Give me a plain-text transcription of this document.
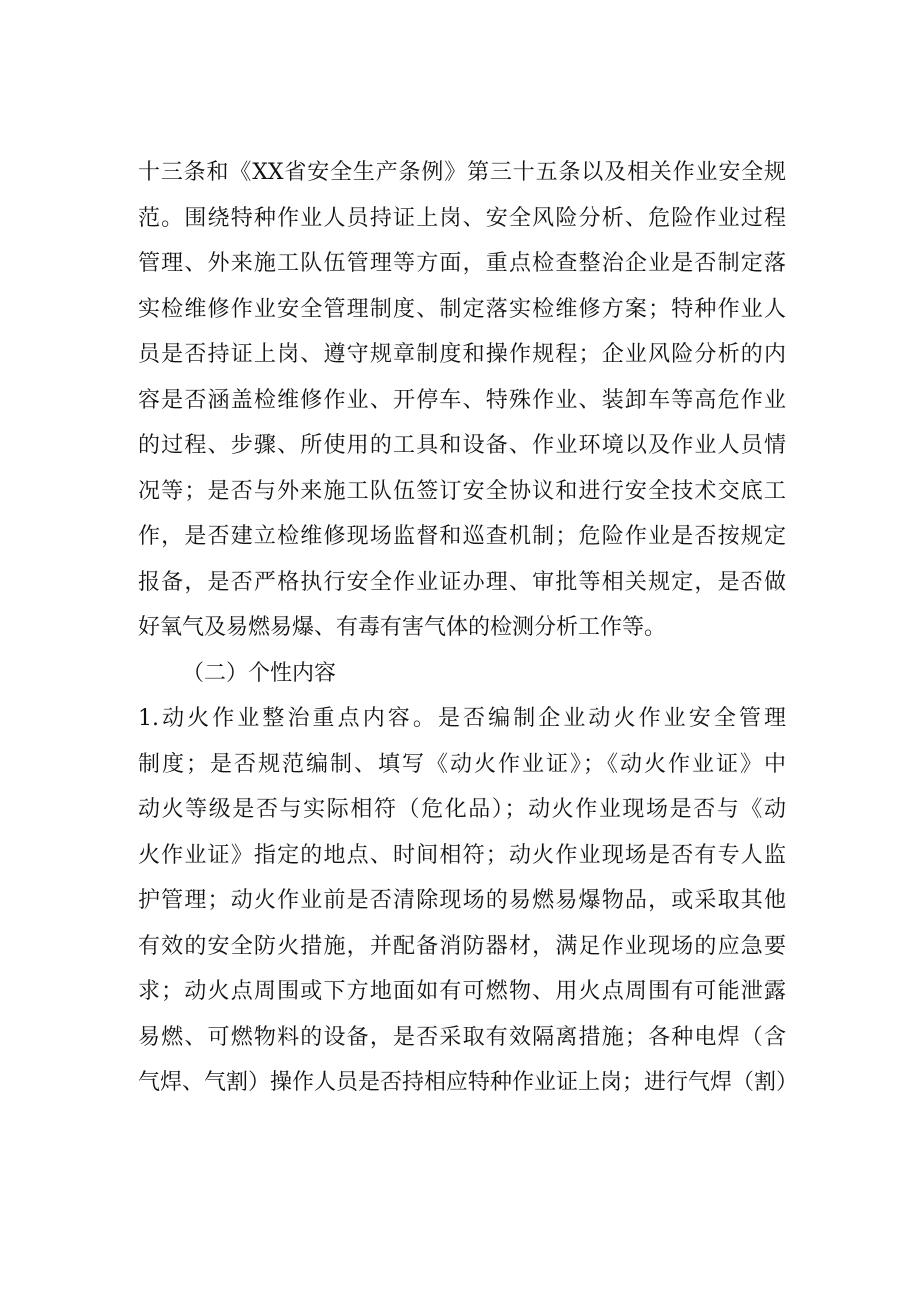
十三条和《XX省安全生产条例》第三十五条以及相关作业安全规
范。围绕特种作业人员持证上岗、安全风险分析、危险作业过程
管理、外来施工队伍管理等方面，重点检查整治企业是否制定落
实检维修作业安全管理制度、制定落实检维修方案；特种作业人
员是否持证上岗、遵守规章制度和操作规程；企业风险分析的内
容是否涵盖检维修作业、开停车、特殊作业、装卸车等高危作业
的过程、步骤、所使用的工具和设备、作业环境以及作业人员情
况等；是否与外来施工队伍签订安全协议和进行安全技术交底工
作，是否建立检维修现场监督和巡查机制；危险作业是否按规定
报备，是否严格执行安全作业证办理、审批等相关规定，是否做
好氧气及易燃易爆、有毒有害气体的检测分析工作等。
（二）个性内容
1.动火作业整治重点内容。是否编制企业动火作业安全管理
制度；是否规范编制、填写《动火作业证》；《动火作业证》中
动火等级是否与实际相符（危化品）；动火作业现场是否与《动
火作业证》指定的地点、时间相符；动火作业现场是否有专人监
护管理；动火作业前是否清除现场的易燃易爆物品，或采取其他
有效的安全防火措施，并配备消防器材，满足作业现场的应急要
求；动火点周围或下方地面如有可燃物、用火点周围有可能泄露
易燃、可燃物料的设备，是否采取有效隔离措施；各种电焊（含
气焊、气割）操作人员是否持相应特种作业证上岗；进行气焊（割）
